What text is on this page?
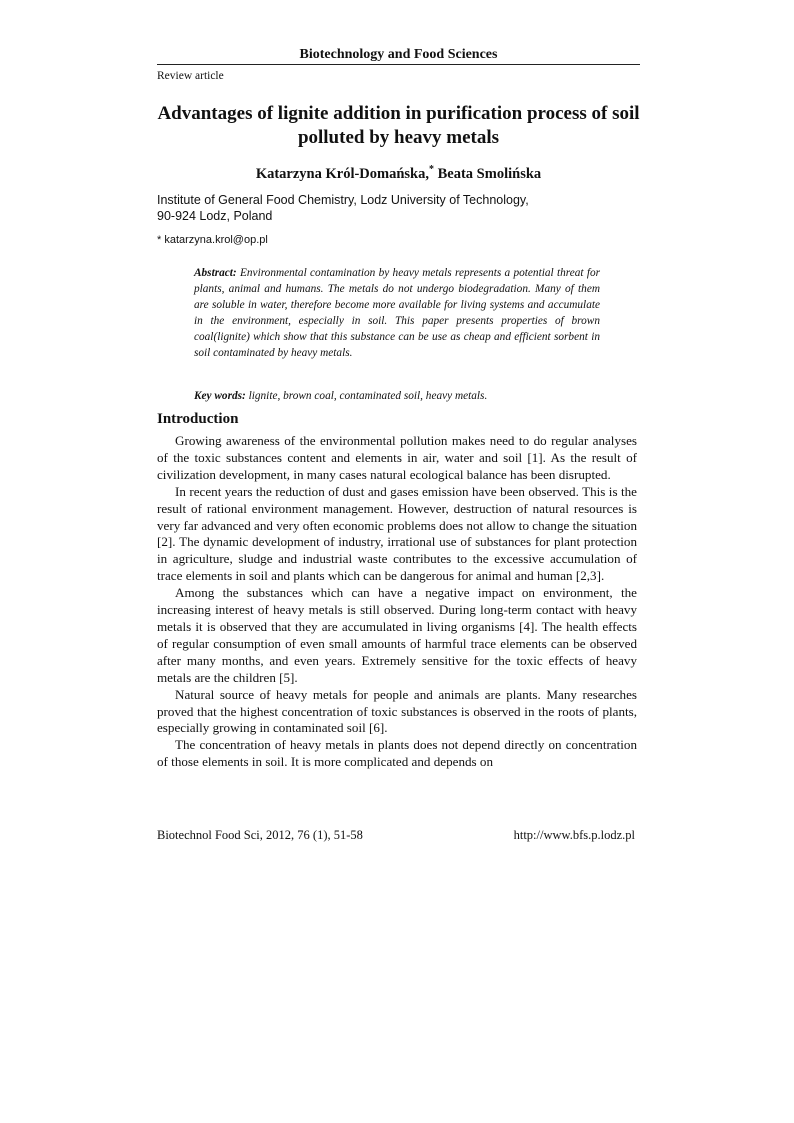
Biotechnology and Food Sciences
Review article
Advantages of lignite addition in purification process of soil polluted by heavy metals
Katarzyna Król-Domańska,* Beata Smolińska
Institute of General Food Chemistry, Lodz University of Technology,
90-924 Lodz, Poland
* katarzyna.krol@op.pl
Abstract: Environmental contamination by heavy metals represents a potential threat for plants, animal and humans. The metals do not undergo biodegradation. Many of them are soluble in water, therefore become more available for living systems and accumulate in the environment, especially in soil. This paper presents properties of brown coal(lignite) which show that this substance can be use as cheap and efficient sorbent in soil contaminated by heavy metals.
Key words: lignite, brown coal, contaminated soil, heavy metals.
Introduction

Growing awareness of the environmental pollution makes need to do regular analyses of the toxic substances content and elements in air, water and soil [1]. As the result of civilization development, in many cases natural ecological balance has been disrupted.

In recent years the reduction of dust and gases emission have been observed. This is the result of rational environment management. However, destruction of natural resources is very far advanced and very often economic problems does not allow to change the situation [2]. The dynamic development of industry, irrational use of substances for plant protection in agriculture, sludge and industrial waste contributes to the excessive accumulation of trace elements in soil and plants which can be dangerous for animal and human [2,3].

Among the substances which can have a negative impact on environment, the increasing interest of heavy metals is still observed. During long-term contact with heavy metals it is observed that they are accumulated in living organisms [4]. The health effects of regular consumption of even small amounts of harmful trace elements can be observed after many months, and even years. Extremely sensitive for the toxic effects of heavy metals are the children [5].

Natural source of heavy metals for people and animals are plants. Many researches proved that the highest concentration of toxic substances is observed in the roots of plants, especially growing in contaminated soil [6].

The concentration of heavy metals in plants does not depend directly on concentration of those elements in soil. It is more complicated and depends on

Biotechnol Food Sci, 2012, 76 (1), 51-58	http://www.bfs.p.lodz.pl
